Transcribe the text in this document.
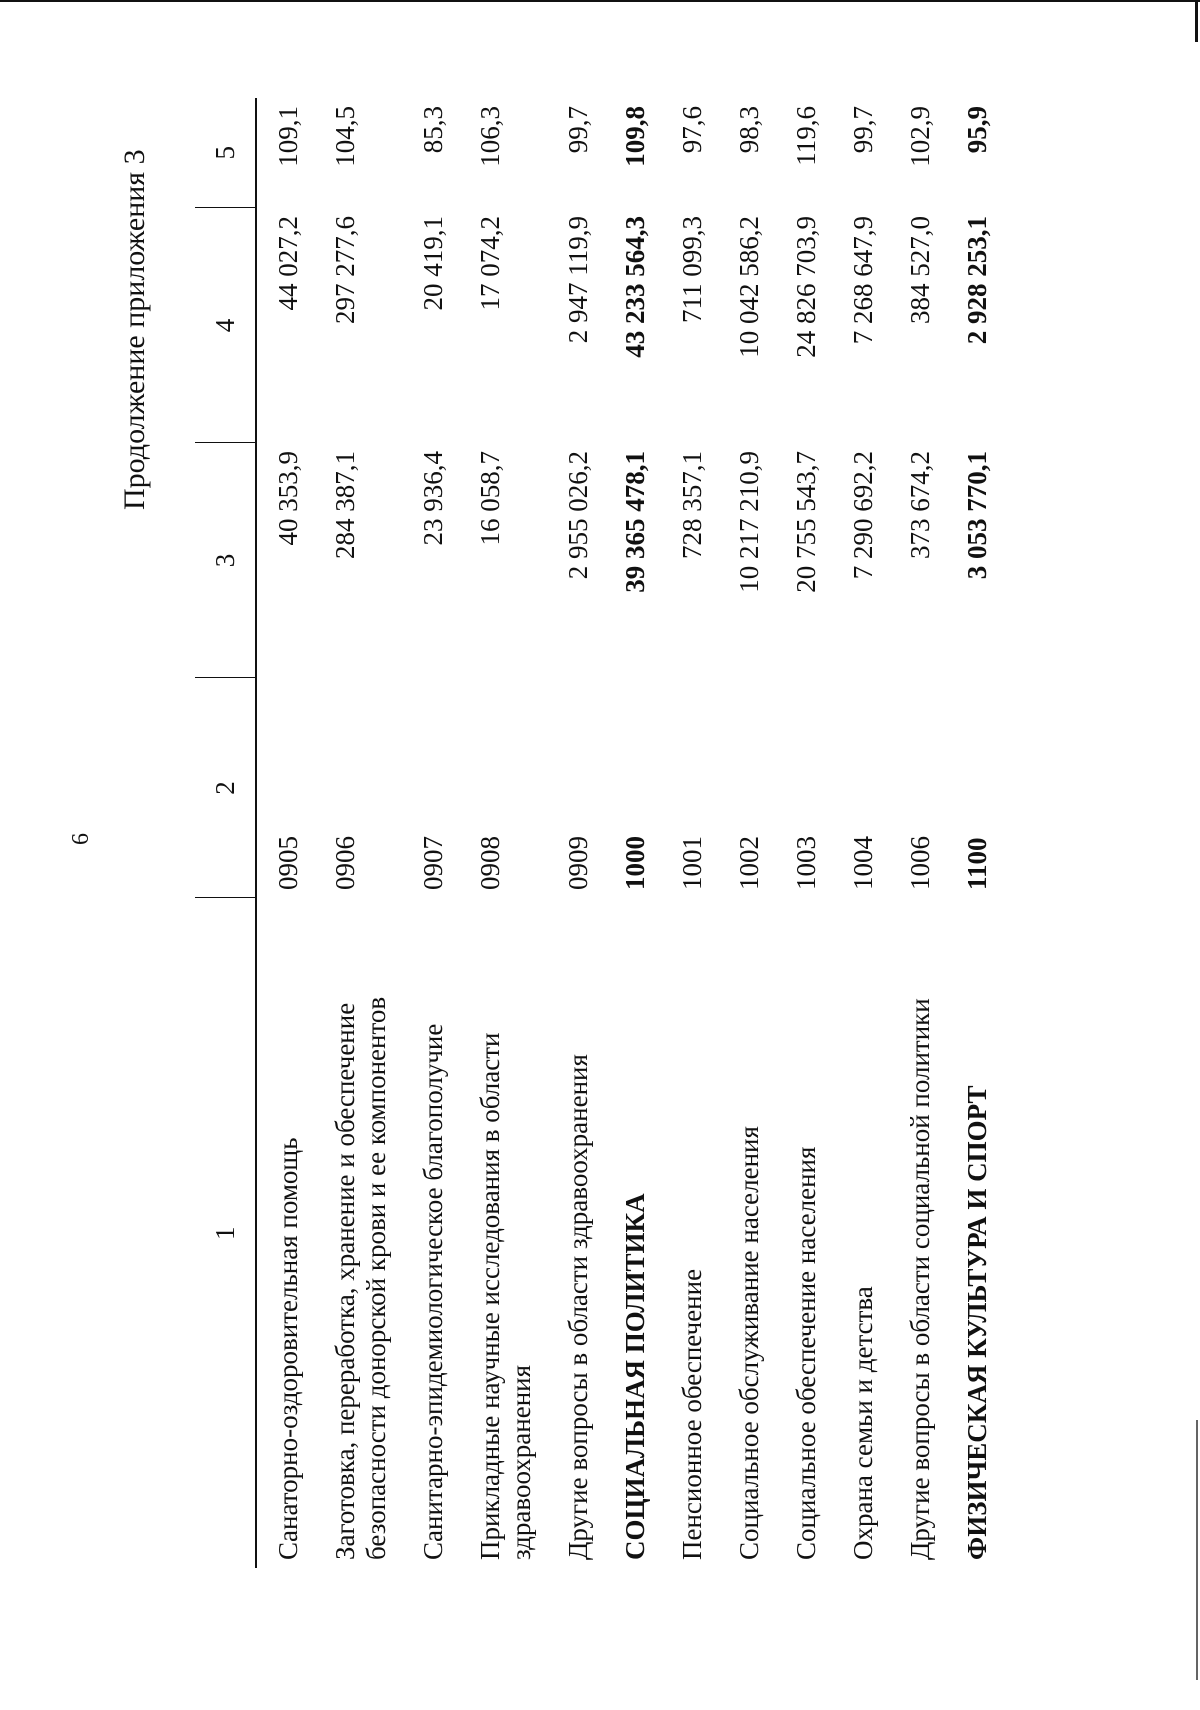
6
Продолжение приложения 3
1	2	3	4	5
Санаторно-оздоровительная помощь	0905	40 353,9	44 027,2	109,1
Заготовка, переработка, хранение и обеспечение безопасности донорской крови и ее компонентов	0906	284 387,1	297 277,6	104,5
Санитарно-эпидемиологическое благополучие	0907	23 936,4	20 419,1	85,3
Прикладные научные исследования в области здравоохранения	0908	16 058,7	17 074,2	106,3
Другие вопросы в области здравоохранения	0909	2 955 026,2	2 947 119,9	99,7
СОЦИАЛЬНАЯ ПОЛИТИКА	1000	39 365 478,1	43 233 564,3	109,8
Пенсионное обеспечение	1001	728 357,1	711 099,3	97,6
Социальное обслуживание населения	1002	10 217 210,9	10 042 586,2	98,3
Социальное обеспечение населения	1003	20 755 543,7	24 826 703,9	119,6
Охрана семьи и детства	1004	7 290 692,2	7 268 647,9	99,7
Другие вопросы в области социальной политики	1006	373 674,2	384 527,0	102,9
ФИЗИЧЕСКАЯ КУЛЬТУРА И СПОРТ	1100	3 053 770,1	2 928 253,1	95,9
